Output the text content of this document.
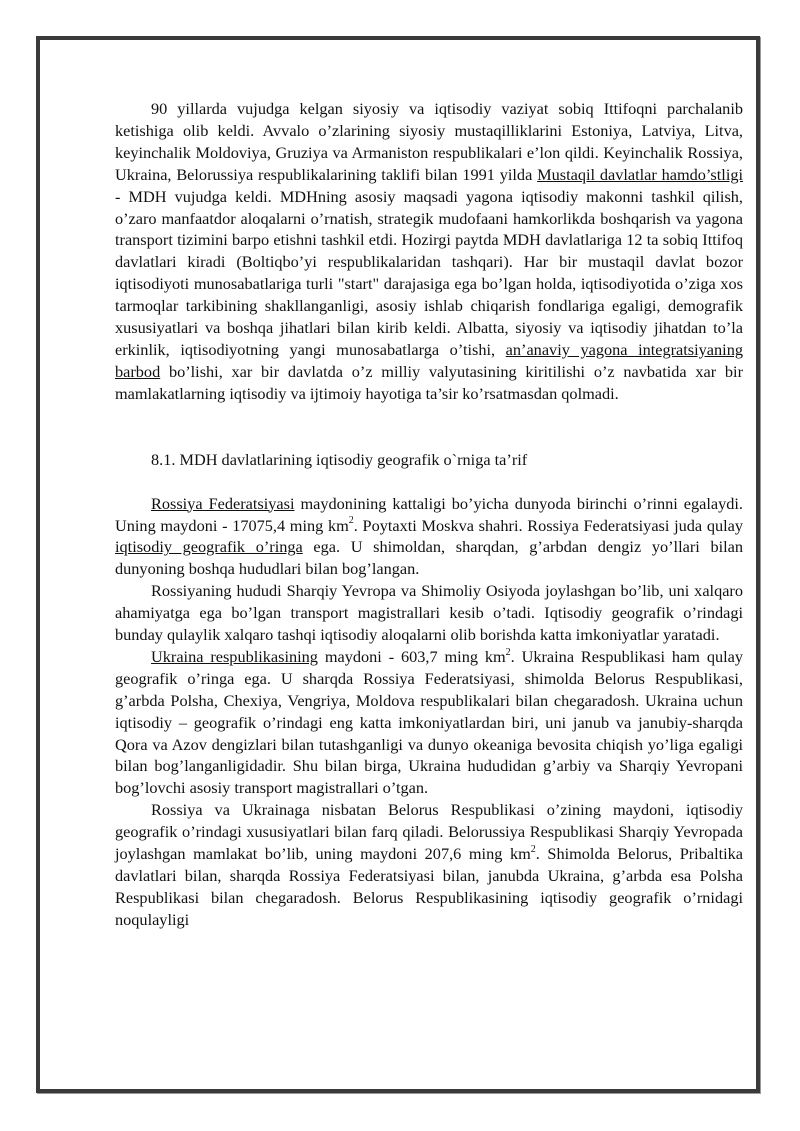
90 yillarda vujudga kelgan siyosiy va iqtisodiy vaziyat sobiq Ittifoqni parchalanib ketishiga olib keldi. Avvalo o’zlarining siyosiy mustaqilliklarini Estoniya, Latviya, Litva, keyinchalik Moldoviya, Gruziya va Armaniston respublikalari e’lon qildi. Keyinchalik Rossiya, Ukraina, Belorussiya respublikalarining taklifi bilan 1991 yilda Mustaqil davlatlar hamdo’stligi - MDH vujudga keldi. MDHning asosiy maqsadi yagona iqtisodiy makonni tashkil qilish, o’zaro manfaatdor aloqalarni o’rnatish, strategik mudofaani hamkorlikda boshqarish va yagona transport tizimini barpo etishni tashkil etdi. Hozirgi paytda MDH davlatlariga 12 ta sobiq Ittifoq davlatlari kiradi (Boltiqbo’yi respublikalaridan tashqari). Har bir mustaqil davlat bozor iqtisodiyoti munosabatlariga turli "start" darajasiga ega bo’lgan holda, iqtisodiyotida o’ziga xos tarmoqlar tarkibining shakllanganligi, asosiy ishlab chiqarish fondlariga egaligi, demografik xususiyatlari va boshqa jihatlari bilan kirib keldi. Albatta, siyosiy va iqtisodiy jihatdan to’la erkinlik, iqtisodiyotning yangi munosabatlarga o’tishi, an’anaviy yagona integratsiyaning barbod bo’lishi, xar bir davlatda o’z milliy valyutasining kiritilishi o’z navbatida xar bir mamlakatlarning iqtisodiy va ijtimoiy hayotiga ta’sir ko’rsatmasdan qolmadi.

8.1. MDH davlatlarining iqtisodiy geografik o`rniga ta’rif

Rossiya Federatsiyasi maydonining kattaligi bo’yicha dunyoda birinchi o’rinni egalaydi. Uning maydoni - 17075,4 ming $km^2$. Poytaxti Moskva shahri. Rossiya Federatsiyasi juda qulay iqtisodiy geografik o’ringa ega. U shimoldan, sharqdan, g’arbdan dengiz yo’llari bilan dunyoning boshqa hududlari bilan bog’langan.

Rossiyaning hududi Sharqiy Yevropa va Shimoliy Osiyoda joylashgan bo’lib, uni xalqaro ahamiyatga ega bo’lgan transport magistrallari kesib o’tadi. Iqtisodiy geografik o’rindagi bunday qulaylik xalqaro tashqi iqtisodiy aloqalarni olib borishda katta imkoniyatlar yaratadi.

Ukraina respublikasining maydoni - 603,7 ming $km^2$. Ukraina Respublikasi ham qulay geografik o’ringa ega. U sharqda Rossiya Federatsiyasi, shimolda Belorus Respublikasi, g’arbda Polsha, Chexiya, Vengriya, Moldova respublikalari bilan chegaradosh. Ukraina uchun iqtisodiy – geografik o’rindagi eng katta imkoniyatlardan biri, uni janub va janubiy-sharqda Qora va Azov dengizlari bilan tutashganligi va dunyo okeaniga bevosita chiqish yo’liga egaligi bilan bog’langanligidadir. Shu bilan birga, Ukraina hududidan g’arbiy va Sharqiy Yevropani bog’lovchi asosiy transport magistrallari o’tgan.

Rossiya va Ukrainaga nisbatan Belorus Respublikasi o’zining maydoni, iqtisodiy geografik o’rindagi xususiyatlari bilan farq qiladi. Belorussiya Respublikasi Sharqiy Yevropada joylashgan mamlakat bo’lib, uning maydoni 207,6 ming $km^2$. Shimolda Belorus, Pribaltika davlatlari bilan, sharqda Rossiya Federatsiyasi bilan, janubda Ukraina, g’arbda esa Polsha Respublikasi bilan chegaradosh. Belorus Respublikasining iqtisodiy geografik o’rnidagi noqulayligi
